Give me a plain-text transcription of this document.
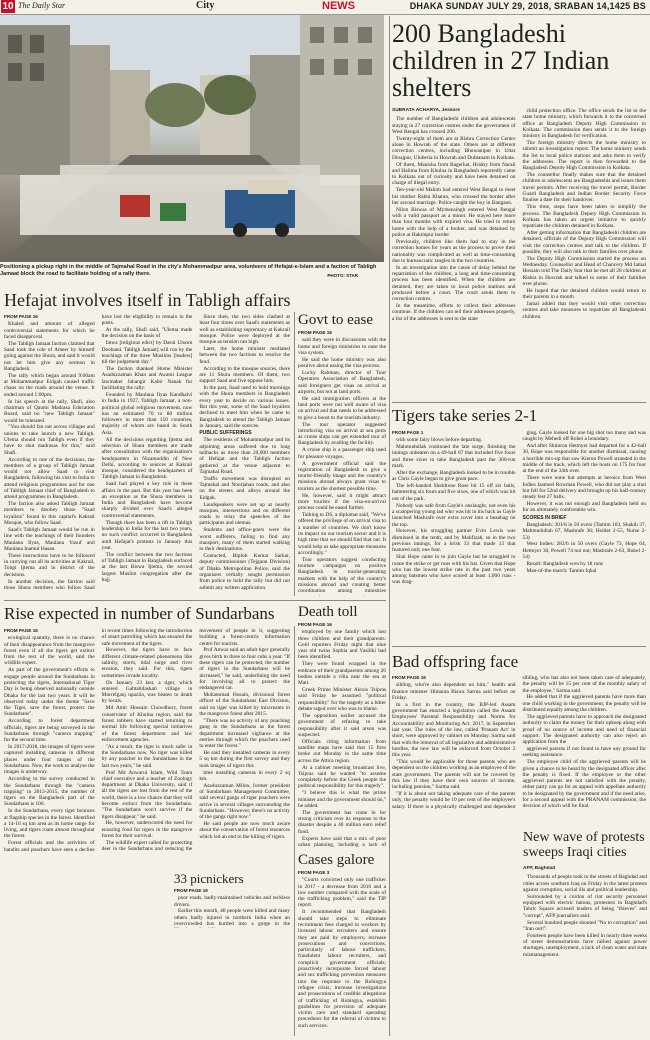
10 The Daily Star	City	NEWS	DHAKA SUNDAY JULY 29, 2018, SRABAN 14,1425 BS
Positioning a pickup right in the middle of Tajmahal Road in the city's Mohammadpur area, volunteers of Hefajat-e-Islam and a faction of Tabligh Jamaat block the road to facilitate holding of a rally there.	PHOTO: STAR
200 Bangladeshi children in 27 Indian shelters
SUBRATA ACHARYA, Jessore

The number of Bangladeshi children and adolescents staying in 27 correction centres under the government of West Bengal has crossed 200.

Twenty-eight of them are at Rishra Correction Centre alone in Howrah of the state. Others are at different correction centres, including Bhowanipur in Uttar Dinajpur, Uluberia in Howrah and Dubtanam in Kolkata.

Of them, Manisha from Bagerhat, Hridoy from Narail and Halima from Khulna in Bangladesh reportedly came to Kolkata out of curiosity and have been detained on charge of illegal entry.

Ten-year-old Mahim had entered West Bengal to meet his mother Rabia Khatun, who crossed the border after her second marriage. Police caught the boy in Bangaon.

Nilon Biswas of Mymensingh entered West Bengal with a valid passport as a minor. He stayed here more than four months with expired visa. He tried to return home with the help of a broker, and was detained by police at Hakimpur border.

Previously, children like them had to stay in the correction homes for years as the process to prove their nationality was complicated as well as time-consuming due to bureaucratic tangles in the two countries.

In an investigation into the cause of delay behind the repatriation of the children, a long and time-consuming process has been identified. When the children are detained, they are taken to local police stations and produced before a court. The court sends them to correction centres.

In the meantime, efforts to collect their addresses continue. If the children can tell their addresses properly, a list of the addresses is sent to the state

child protection office. The office sends the list to the state home ministry, which forwards it to the concerned office at Bangladesh Deputy High Commission in Kolkata. The commission then sends it to the foreign ministry in Bangladesh for verification.

The foreign ministry directs the home ministry to submit an investigation report. The home ministry sends the list to local police stations and asks them to verify the addresses. The report is then forwarded to the Bangladesh Deputy High Commission in Kolkata.

The counsellor finally makes sure that the detained children or adolescents are Bangladeshis and issues them travel permits. After receiving the travel permit, Border Guard Bangladesh and Indian Border Security Force finalise a date for their handover.

This time, steps have been taken to simplify the process. The Bangladesh Deputy High Commission in Kolkata has taken an urgent initiative to quickly repatriate the children detained in Kolkata.

After getting information that Bangladeshi children are detained, officials of the Deputy High Commission will visit the correction centres and talk to the children. If possible, they will also talk to their families over phone.

The Deputy High Commission started the process on Wednesday. Counsellor and Head of Chancery Md Jamal Hossain told The Daily Star that he met all 28 children at Rishra in Howrah and talked to some of their families over phone.

He hoped that the detained children would return to their parents in a month.

Jamal added that they would visit other correction centres and take measures to repatriate all Bangladeshi children.

Tigers take series 2-1
FROM PAGE 1

with some fairy blows before departing.

Mahmudullah continued the late surge, finishing the innings unbeaten on a 49-ball 67 that included five fours and three sixes to take Bangladesh past the 300-run mark.

After the exchange, Bangladesh looked to be in trouble as Chris Gayle began to give great pace.

The left-handed Sheldrone Rose hit 15 off six balls, hammering six fours and five sixes, one of which was hit out of the park.

Nobody was safe from Gayle's onslaught, not even his a scampering young lad who was hit in his back as Gayle launched Mashrafe over extra cover into a beanbag on the top.

However, his struggling partner Evin Lewis was dismissed in the tenth, and by Mahfizah, so in the two previous innings, for a brisk 33 that made 13 that featured only one four.

Shai Hope came in to join Gayle but he struggled to rotate the strike or get runs with his bat. Given that Hope who has the lowest strike rate in the past two years among batsmen who have scored at least 1,000 runs - was drag-

ging, Gayle looked for one big shot too many and was caught by Mehedi off Rubel a boundary.

And after Shimron Hetmyer had departed for a 42-ball 30, Hope was responsible for another dismissal, causing a horrible mix-up that saw Kieron Powell stranded in the middle of the track, which left the hosts on 175 for four at the end of the 34th over.

There were none but attempts at heroics from West Indies Jasmeel Rowman Powell, who did not play a shot but fell for 52nd delivery and brought up his half-century steady fest 27 balls.

However, it was not enough and Bangladesh held on for an ultimately comfortable win.

SCORES IN BRIEF

Bangladesh: 301/6 in 50 overs (Tamim 103, Shakib 37, Mahmudullah 67, Mashrafe 36; Holder 2-55, Nurse 2-53)

West Indies: 283/6 in 50 overs (Gayle 73, Hope 64, Hetmyer 30, Powell 74 not out; Mashrafe 2-63, Rubel 2-54)

Result: Bangladesh won by 18 runs

Man-of-the-match: Tamim Iqbal

Bad offspring face
FROM PAGE 16

sibling, who're also dependent on him," health and finance minister Himanta Biswa Sarma said before on Friday.

In a first in the country, the BJP-led Assam government has enacted a legislation called the Assam Employees' Parental Responsibility and Norms for Accountability and Monitoring Act, 2017, in September last year. The rules of the law, called 'Pranam Act' in short, were approved by cabinet on Monday. Sarma said that with the removal of all legislative and administrative hurdles, the new law will be enforced from October 2 this year.

"This would be applicable for those parents who are dependent on the children working as an employee of the state government. The parents will not be covered by this law if they have their own sources of income, including pension," Sarma said.

"If it is about not taking adequate care of the parents only, the penalty would be 10 per cent of the employee's salary. If there is a physically challenged and dependent sibling, who has also not been taken care of adequately, the penalty will be 15 per cent of the monthly salary of the employee," Sarma said.

He added that if the aggrieved parents have more than one child working in the government, the penalty will be distributed equally among the children.

The aggrieved parents have to approach the designated authority to claim the money for their upkeep along with proof of no source of income and need of financial support. The designated authority can also reject an application from the

aggrieved parents if not found to have any ground for seeking assistance.

The employee child of the aggrieved parents will be given a chance to be heard by the designated officer after the penalty is fixed. If the employee or the other aggrieved parents are not satisfied with the penalty, either party can go for an appeal with appellate authority to be designated by the government and if the need arise, for a second appeal with the PRANAM commission, the decision of which will be final.

New wave of protests sweeps Iraqi cities
AFP, Baghdad

Thousands of people took to the streets of Baghdad and cities across southern Iraq on Friday in the latest protests against corruption, social ills and political leadership.

Surrounded by a cordon of riot security personnel equipped with electric batons, protesters in Baghdad's Tahrir Square accused leaders of being "thieves" and "corrupt", AFP journalists said.

Several hundred people shouted "No to corruption" and "Iran out!".

Fourteen people have been killed in nearly three weeks of street demonstrations have rallied against power shortages, unemployment, a lack of clean water and state mismanagement.

Hefajat involves itself in Tabligh affairs
FROM PAGE 16

Khaled and amount of alleged controversial statements for which he faced disapproval.

The Tabligh Jamaat faction claimed that Saad took the role of Ameer by himself going against the Shura, and said it would not let him give any sermon in Bangladesh.

The rally which began around 9:00am at Mohammadpur Eidgah caused traffic chaos on the roads around the venue. It ended around 1:00pm.

In his speech at the rally, Shafi, also chairman of Qaumi Madrasa Education Board, said no "new Tabligh Jamaat" would be tolerated.

"You should fan out across villages and unions to take launch a new Tabligh. Ulema should run Tabligh even if they have to shut madrasas for this," said Shafi.

According to one of the decisions, the members of a group of Tabligh Jamaat would not allow Saad to visit Bangladesh, following his visit to India to attend religious programmes and for one of Tabligh Jamaat chief of Bangladesh to attend programmes in Bangladesh.

The faction also asked Tabligh Jamaat members to disobey those "Saad loyalists" found in this capital's Kakrail Mosque, who follow Saad.

Saad's Tabligh Jamaat would be run in line with the teachings of their founders Maulana Ilyas, Maulana Yusuf and Maulana Inamul Hasan.

These instructions have to be followed in carrying out all its activities at Kakrail, Tongi Ijtema and in district of the decisions.

In another decision, the faction said those Shura members who follow Saad have lost the eligibility to remain in the posts.

At the rally, Shafi said, "Ulema made the decision on the basis of

fatwa [religious edict] by Darul Uloom Deoband. Tabligh Jamaat] will run by the teachings of the three Muslims [leaders] till the judgement day."

The faction thanked Home Minister Asaduzzaman Khan and Awami League lawmaker Jahangir Kabir Nanak for facilitating the rally.

Founded by Maulana Ilyas Kandhalvi in India in 1927, Tabligh Jamaat, a non-political global religious movement, now has an estimated 70 to 80 million followers in more than 150 countries, majority of whom are based in South Asia.

All the decisions regarding Ijtema and selection of Shura members are made after consultation with the organisation's headquarters in Nizamuddin of New Delhi, according to sources at Kakrail mosque, considered the headquarters of Tabligh Jamaat in Bangladesh.

Saad had played a key role in these affairs in the past. But this year has been an exception as the Shura members in India and Bangladesh have become sharply divided over Saad's alleged controversial statements.

Though there has been a rift in Tabligh leadership in India for the last two years, no such conflict occurred in Bangladesh until Hefajat's protests in January this year.

The conflict between the two factions of Tabligh Jamaat in Bangladesh surfaced at the last Biswa Ijtema, the second largest Muslim congregation after the hajj.

Since then, the two sides clashed at least four times over Saad's statements as well as establishing supremacy at Kakrail mosque. Police were deployed at the mosque as tension ran high.

Later, the home minister mediated between the two factions to resolve the feud.

According to the mosque sources, there are 11 Shura members. Of them, two support Saad and five oppose him.

In the past, Saad used to hold mornings with the Shura members in Bangladesh every year to decide on various issues. But this year, some of the Saad loyalists declined to meet him when he came to Bangladesh to attend the Tabligh Jamaat in January, said the sources.

PUBLIC SUFFERINGS

The residents of Mohammadpur and its adjoining areas suffered due to long tailbacks as more than 20,000 members of Hefajat and the Tabligh faction gathered at the venue adjacent to Tajmahal Road.

Traffic movement was disrupted on Tajmahal and Noorjahan roads, and also on the streets and alleys around the Eidgah.

Loudspeakers were set up at nearby mosques, intersections and on different roads to relay the speeches of the participants and ulemas.

Students and office-goers were the worst sufferers, failing to find any transport, many of them started walking to their destinations.

Contacted, Biplob Kumar Sarkar, deputy commissioner (Tejgaon Division) of Dhaka Metropolitan Police, said the organisers verbally sought permission from police to hold the rally but did not submit any written application.

Govt to ease
FROM PAGE 16

said they were in discussions with the home and foreign ministries to ease the visa system.

He said the home ministry was also positive about easing the visa process.

Lucky Rahman, director of Tour Operators Association of Bangladesh, said foreigners get visas on arrival at airports, but not at land ports.

He said immigration officers at the land ports were not well aware of visa on arrival and that needs to be addressed to give a boost to the tourism industry.

The tour operator suggested introducing visa on arrival at sea ports as cruise ships can get extended tour of Bangladesh by availing the facility.

A cruise ship is a passenger ship used for pleasure voyages.

A government official said the registration of Bangladesh to give a tourist-friendly image and the country's missions abroad always grant visas to tourists as the shortest possible time.

He, however, said it might attract more tourists if the visa-on-arrival process could be eased further.

Talking to DS, a diplomat said, "We've offered the privilege of on arrival visa to a number of countries. We don't know its impact on our tourism sector and it is high time that we should find that out. It would help us take appropriate measures accordingly."

Tour operators suggest conducting tourism campaigns on positive Bangladesh in tourist-generating markets with the help of the country's missions abroad and creating better coordination among ministries

Rise expected in number of Sundarbans
FROM PAGE 16

ecological quantity, there is no chance of their disappearance from the mangrove forest even if all the tigers get extinct from the rest of the world, said the wildlife expert.

As part of the government's efforts to engage people around the Sundarbans in protecting the tigers, International Tiger Day is being observed nationally outside Dhaka for the last two years. It will be observed today under the theme "Save the Tiger, save the forest, protect the Sundarbans".

According to forest department officials, tigers are being surveyed in the Sundarbans through "camera trapping" for the second time.

In 2017-2018, the images of tigers were captured installing cameras in different places under four ranges of the Sundarbans. Now, the work to analyse the images is underway.

According to the survey conducted in the Sundarbans through the "camera trapping" in 2013-2015, the number of tigers on the Bangladesh part of the Sundarbans is 106.

In the Sundarbans, every tiger bounces at flagship species in the forest. Identified a 14-16 sq km area as its home range for living, and tigers roam almost throughout the forest.

Forest officials and the activities of bandits and poachers have seen a decline in recent times following the introduction of smart patrolling which has ensured the safe movement of the tigers.

However, the tigers have to face different climate-related phenomena like salinity, storm, tidal surge and river erosion, they said. For this, tigers sometimes invade locality.

On January 23 last, a tiger, which entered Gabtalidaskati village in Morrelganj upazila, was beaten to death by locals.

Md Amir Hossain Chowdhury, forest conservator of Khulna region, said the forest robbers have started returning to normal life following special initiatives of the forest department and law enforcement agencies.

"As a result, the tiger is much safer in the Sundarbans now. No tiger was killed by any poacher in the Sundarbans in the last two years," he said.

Prof Md Anwarul Islam, Wild Team chief executive and a teacher of Zoology department at Dhaka University, said if all the tigers are lost from the rest of the world, there is a low chance that they will become extinct from the Sundarbans. "The Sundarbans won't survive if the tigers disappear," he said.

He, however, underscored the need for ensuring food for tigers in the mangrove forest for their survival.

The wildlife expert called for protecting deer in the Sundarbans and reducing the movement of people in it, suggesting building a forest-centric information centre for tourists.

Prof Anwar said an adult tiger generally gives birth to three to four cubs a year. "If these tigers can be protected, the number of tigers in the Sundarbans will be increased," he said, underlining the need for involving all to protect the endangered cat.

Mohammad Hosain, divisional forest officer of the Sundarbans East Division, said no tiger was killed by miscreants in the mangrove forest after 2015.

"There was no activity of any poaching gang in the Sundarbans as the forest department increased vigilance at the entries through which the poachers used to enter the forest."

He said they installed cameras in every 5 sq km during the first survey and they took images of tigers this

time installing cameras in every 2 sq km.

Asaduzzaman Milon, former president of Sundarbans Management Committee, said several gangs of tiger poachers were active in several villages surrounding the Sundarbans. "However, there's no activity of the gangs right now."

He said people are now much aware about the conservation of forest resources which led an end to the killing of tigers.

Death toll
FROM PAGE 16

employed by one family which lost three children and their grandparents. Gold reporters Friday night that nine year old twins Sophia and Vasiliki had been identified.

They were found wrapped in the embrace of their grandparents among 26 bodies outside a villa near the sea at Mati.

Greek Prime Minister Alexis Tsipras said Friday he assumed "political responsibility" for the tragedy as a bitter debate raged over who was to blame.

The opposition earlier accused the government of refusing to take responsibility after it said arson was suspected.

Officials citing information from satellite maps have said that 15 fires broke out Monday in the same time across the Attica region.

At a cabinet meeting broadcast live, Tsipras said he wanted "to assume completely before the Greek people the political responsibility for this tragedy".

"I believe this is what the prime minister and the government should do," he added.

The government has come in for strong criticism over its response to the disaster despite a 40 million euro relief fund.

Experts have said that a mix of poor urban planning, including a lack of

33 picnickers
Cases galore
FROM PAGE 3

"Courts convicted only one trafficker in 2017 - a decrease from 2016 and a low number compared with the scale of the trafficking problem," said the TIP report.

It recommended that Bangladesh should take steps to eliminate recruitment fees charged to workers by licensed labour recruiters and ensure they are paid by employers; increase prosecutions and convictions, particularly of labour traffickers, fraudulent labour recruiters, and complicit government officials; proactively incorporate forced labour and sex trafficking prevention measures into the response to the Rohingya refugee crisis; increase investigations and prosecutions of credible allegations of trafficking of Rohingya, establish guidelines for provision of adequate victim care and standard operating procedures for the referral of victims to such services.

FROM PAGE 16

poor roads, badly-maintained vehicles and reckless drivers.

Earlier this month, 48 people were killed and many others badly injured in northern India when an overcrowded bus hurtled into a gorge in the
